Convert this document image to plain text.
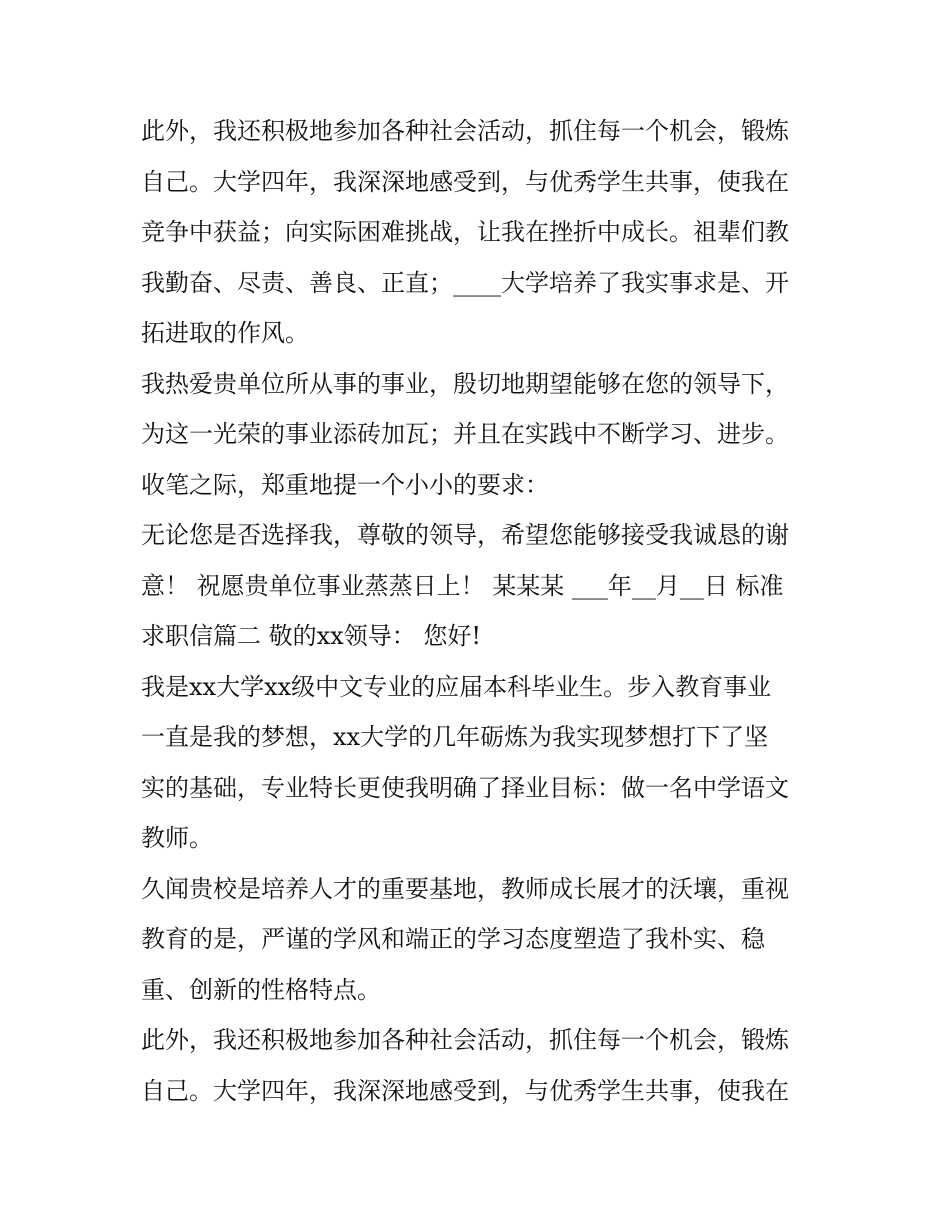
此外，我还积极地参加各种社会活动，抓住每一个机会，锻炼

自己。大学四年，我深深地感受到，与优秀学生共事，使我在

竞争中获益；向实际困难挑战，让我在挫折中成长。祖辈们教

我勤奋、尽责、善良、正直；____大学培养了我实事求是、开

拓进取的作风。

我热爱贵单位所从事的事业，殷切地期望能够在您的领导下，

为这一光荣的事业添砖加瓦；并且在实践中不断学习、进步。

收笔之际，郑重地提一个小小的要求：

无论您是否选择我，尊敬的领导，希望您能够接受我诚恳的谢

意！ 祝愿贵单位事业蒸蒸日上！ 某某某 ___年__月__日 标准

求职信篇二 敬的xx领导： 您好!

我是xx大学xx级中文专业的应届本科毕业生。步入教育事业

一直是我的梦想，xx大学的几年砺炼为我实现梦想打下了坚

实的基础，专业特长更使我明确了择业目标：做一名中学语文

教师。

久闻贵校是培养人才的重要基地，教师成长展才的沃壤，重视

教育的是，严谨的学风和端正的学习态度塑造了我朴实、稳

重、创新的性格特点。

此外，我还积极地参加各种社会活动，抓住每一个机会，锻炼

自己。大学四年，我深深地感受到，与优秀学生共事，使我在
